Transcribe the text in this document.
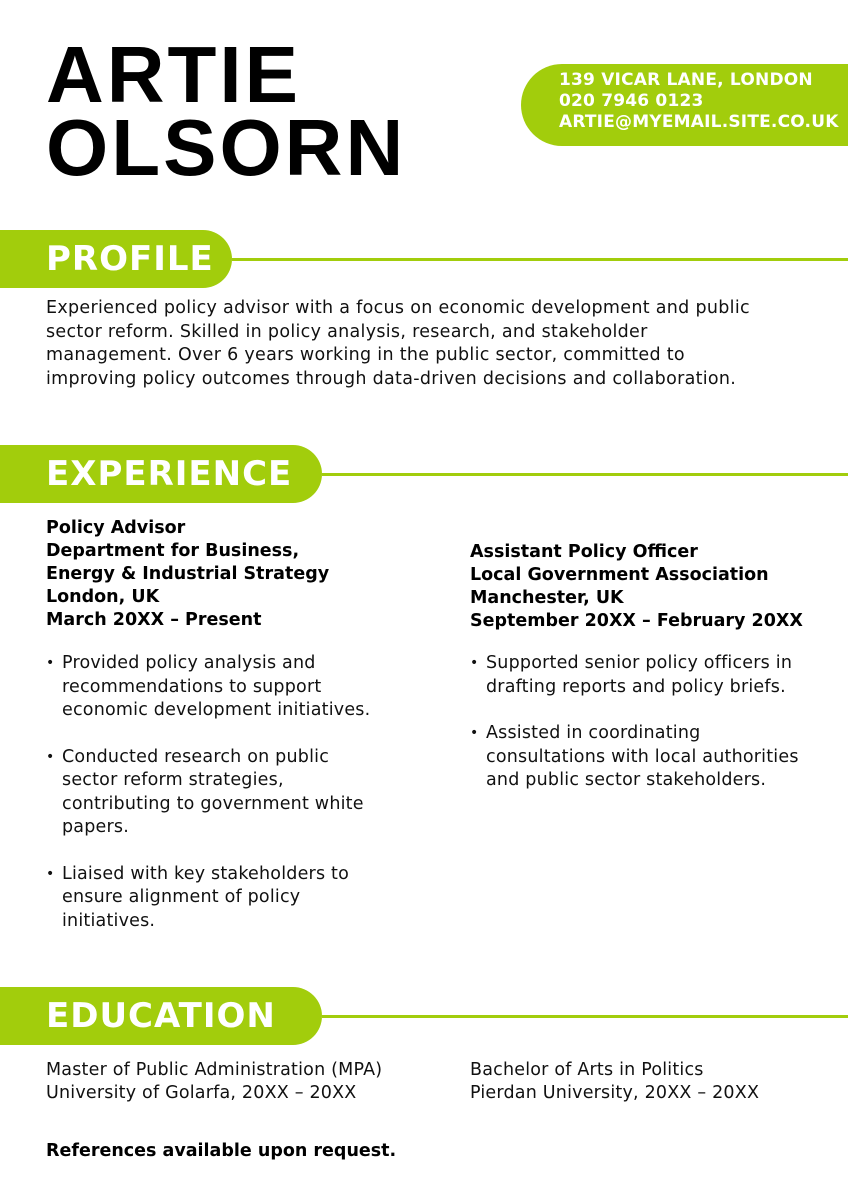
ARTIE
OLSORN
139 VICAR LANE, LONDON
020 7946 0123
ARTIE@MYEMAIL.SITE.CO.UK
PROFILE

Experienced policy advisor with a focus on economic development and public sector reform. Skilled in policy analysis, research, and stakeholder management. Over 6 years working in the public sector, committed to improving policy outcomes through data-driven decisions and collaboration.

EXPERIENCE
Policy Advisor
Department for Business,
Energy & Industrial Strategy
London, UK
March 20XX – Present
• Provided policy analysis and recommendations to support economic development initiatives.
• Conducted research on public sector reform strategies, contributing to government white papers.
• Liaised with key stakeholders to ensure alignment of policy initiatives.
Assistant Policy Officer
Local Government Association
Manchester, UK
September 20XX – February 20XX
• Supported senior policy officers in drafting reports and policy briefs.
• Assisted in coordinating consultations with local authorities and public sector stakeholders.
EDUCATION
Master of Public Administration (MPA)
University of Golarfa, 20XX – 20XX
Bachelor of Arts in Politics
Pierdan University, 20XX – 20XX
References available upon request.
